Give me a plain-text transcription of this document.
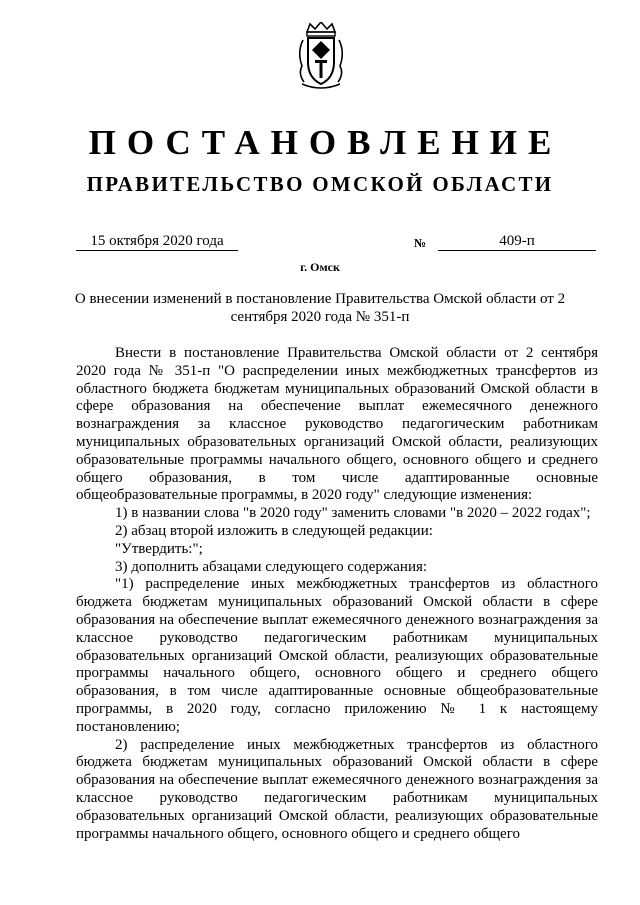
ПОСТАНОВЛЕНИЕ
ПРАВИТЕЛЬСТВО ОМСКОЙ ОБЛАСТИ
15 октября 2020 года	№	409-п
г. Омск
О внесении изменений в постановление Правительства Омской области от 2 сентября 2020 года № 351-п

Внести в постановление Правительства Омской области от 2 сентября 2020 года № 351-п "О распределении иных межбюджетных трансфертов из областного бюджета бюджетам муниципальных образований Омской области в сфере образования на обеспечение выплат ежемесячного денежного вознаграждения за классное руководство педагогическим работникам муниципальных образовательных организаций Омской области, реализующих образовательные программы начального общего, основного общего и среднего общего образования, в том числе адаптированные основные общеобразовательные программы, в 2020 году" следующие изменения:

1) в названии слова "в 2020 году" заменить словами "в 2020 – 2022 годах";

2) абзац второй изложить в следующей редакции:

"Утвердить:";

3) дополнить абзацами следующего содержания:

"1) распределение иных межбюджетных трансфертов из областного бюджета бюджетам муниципальных образований Омской области в сфере образования на обеспечение выплат ежемесячного денежного вознаграждения за классное руководство педагогическим работникам муниципальных образовательных организаций Омской области, реализующих образовательные программы начального общего, основного общего и среднего общего образования, в том числе адаптированные основные общеобразовательные программы, в 2020 году, согласно приложению № 1 к настоящему постановлению;

2) распределение иных межбюджетных трансфертов из областного бюджета бюджетам муниципальных образований Омской области в сфере образования на обеспечение выплат ежемесячного денежного вознаграждения за классное руководство педагогическим работникам муниципальных образовательных организаций Омской области, реализующих образовательные программы начального общего, основного общего и среднего общего
